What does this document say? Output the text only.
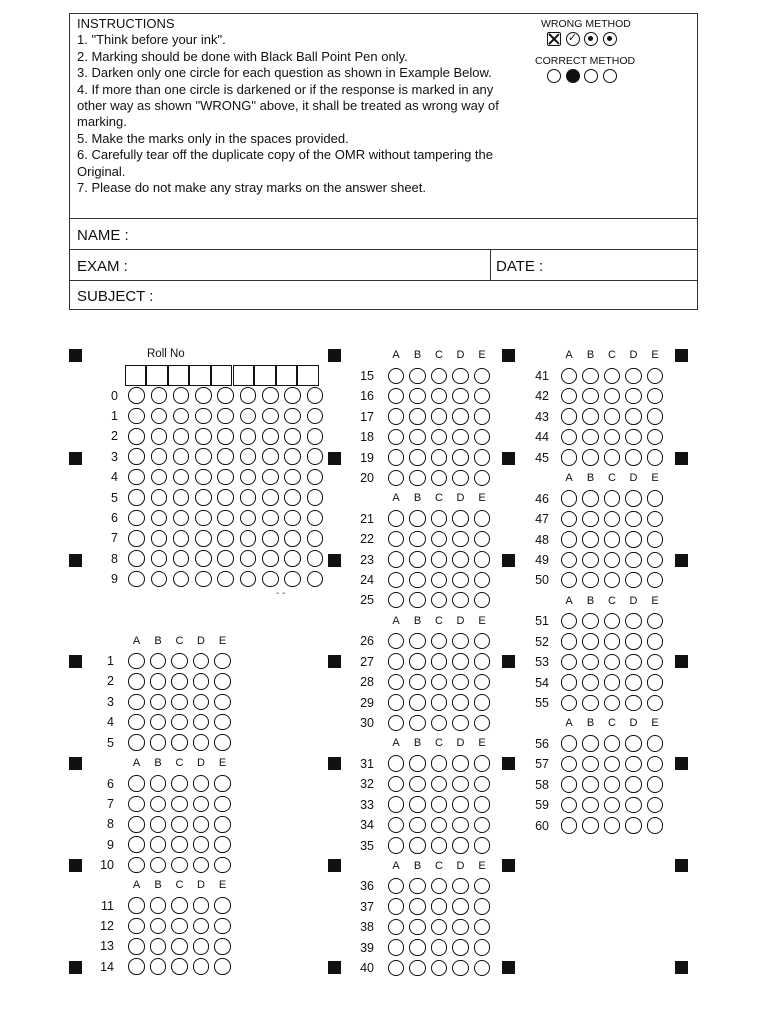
INSTRUCTIONS
1. "Think before your ink".
2. Marking should be done with Black Ball Point Pen only.
3. Darken only one circle for each question as shown in Example Below.
4. If more than one circle is darkened or if the response is marked in any other way as shown "WRONG" above, it shall be treated as wrong way of marking.
5. Make the marks only in the spaces provided.
6. Carefully tear off the duplicate copy of the OMR without tampering the Original.
7. Please do not make any stray marks on the answer sheet.
WRONG METHOD
✓
CORRECT METHOD
NAME :
EXAM :	DATE :
SUBJECT :
Roll No
0
1
2
3
4
5
6
7
8
9
A	B	C	D	E
1
2
3
4
5
A	B	C	D	E
6
7
8
9
10
A	B	C	D	E
11
12
13
14
A	B	C	D	E
15
16
17
18
19
20
A	B	C	D	E
21
22
23
24
25
A	B	C	D	E
26
27
28
29
30
A	B	C	D	E
31
32
33
34
35
A	B	C	D	E
36
37
38
39
40
A	B	C	D	E
41
42
43
44
45
A	B	C	D	E
46
47
48
49
50
A	B	C	D	E
51
52
53
54
55
A	B	C	D	E
56
57
58
59
60
- -
